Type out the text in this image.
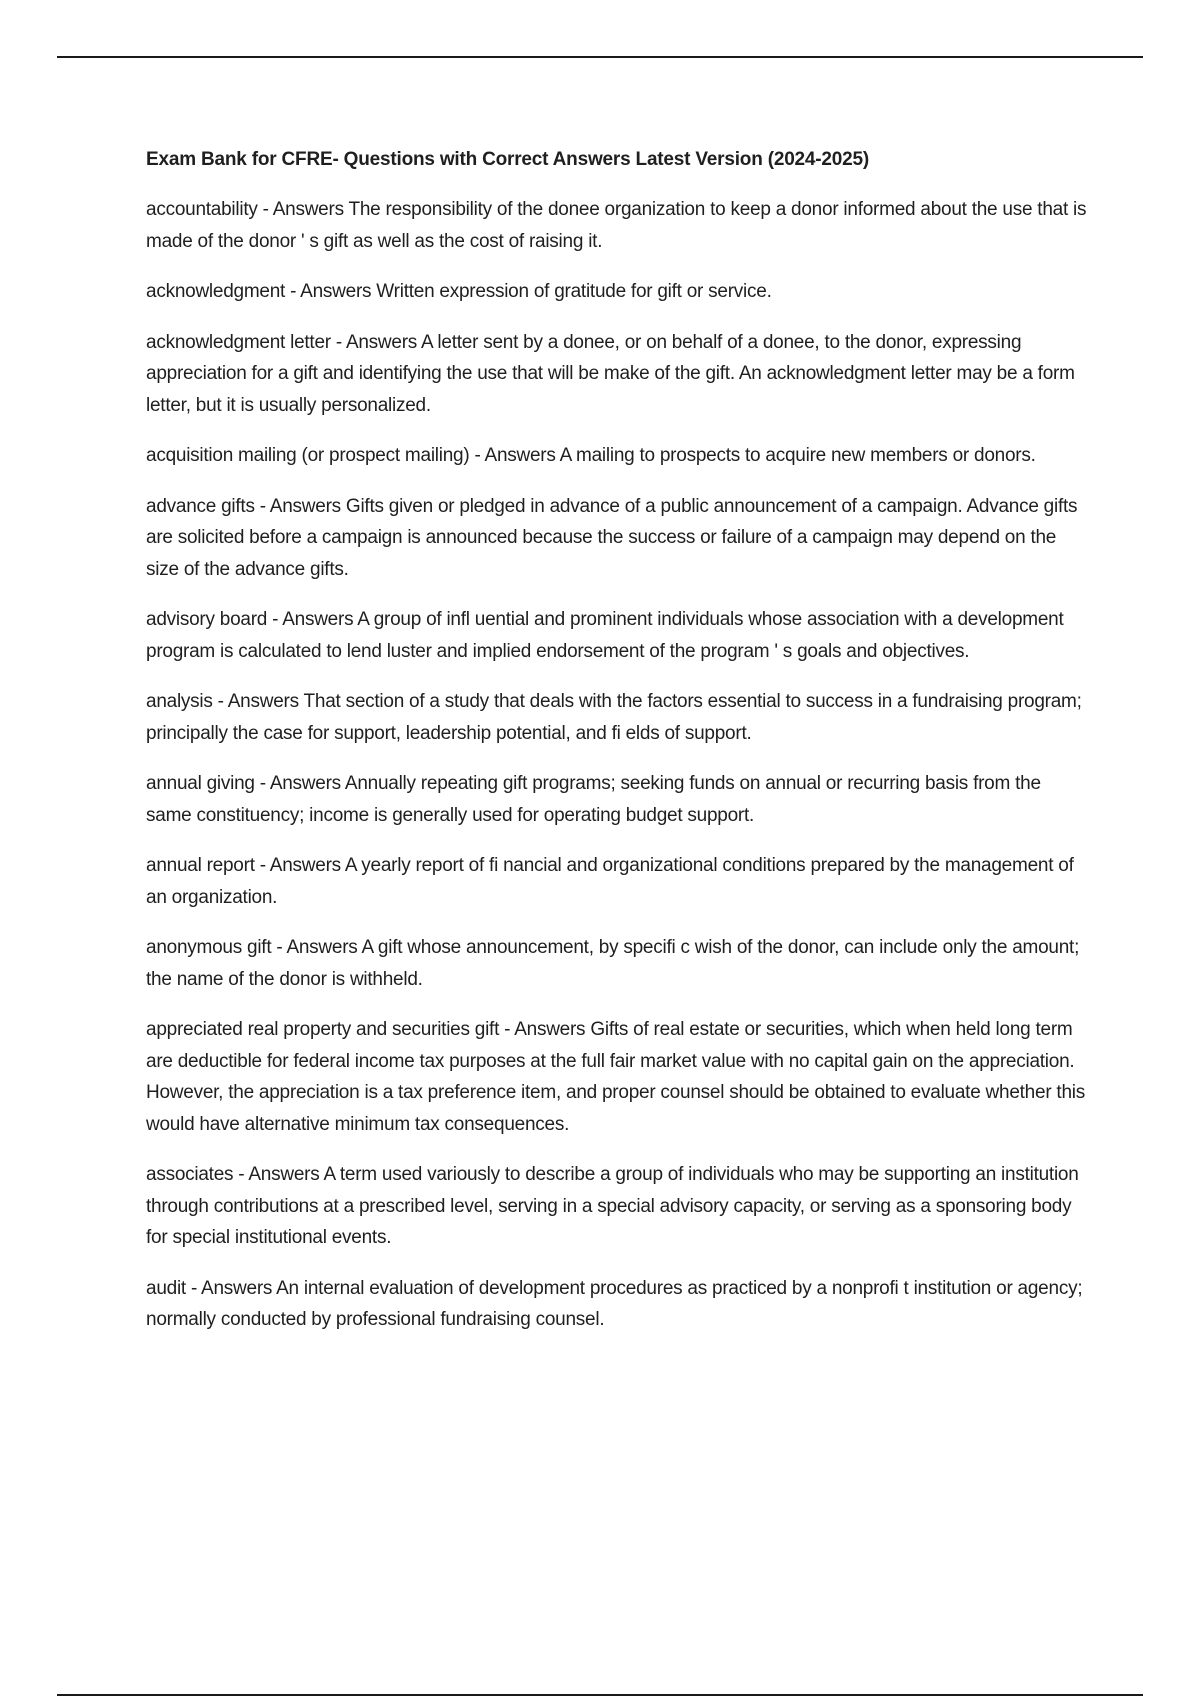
Exam Bank for CFRE- Questions with Correct Answers Latest Version (2024-2025)

accountability - Answers The responsibility of the donee organization to keep a donor informed about the use that is made of the donor ' s gift as well as the cost of raising it.

acknowledgment - Answers Written expression of gratitude for gift or service.

acknowledgment letter - Answers A letter sent by a donee, or on behalf of a donee, to the donor, expressing appreciation for a gift and identifying the use that will be make of the gift. An acknowledgment letter may be a form letter, but it is usually personalized.

acquisition mailing (or prospect mailing) - Answers A mailing to prospects to acquire new members or donors.

advance gifts - Answers Gifts given or pledged in advance of a public announcement of a campaign. Advance gifts are solicited before a campaign is announced because the success or failure of a campaign may depend on the size of the advance gifts.

advisory board - Answers A group of infl uential and prominent individuals whose association with a development program is calculated to lend luster and implied endorsement of the program ' s goals and objectives.

analysis - Answers That section of a study that deals with the factors essential to success in a fundraising program; principally the case for support, leadership potential, and fi elds of support.

annual giving - Answers Annually repeating gift programs; seeking funds on annual or recurring basis from the same constituency; income is generally used for operating budget support.

annual report - Answers A yearly report of fi nancial and organizational conditions prepared by the management of an organization.

anonymous gift - Answers A gift whose announcement, by specifi c wish of the donor, can include only the amount; the name of the donor is withheld.

appreciated real property and securities gift - Answers Gifts of real estate or securities, which when held long term are deductible for federal income tax purposes at the full fair market value with no capital gain on the appreciation. However, the appreciation is a tax preference item, and proper counsel should be obtained to evaluate whether this would have alternative minimum tax consequences.

associates - Answers A term used variously to describe a group of individuals who may be supporting an institution through contributions at a prescribed level, serving in a special advisory capacity, or serving as a sponsoring body for special institutional events.

audit - Answers An internal evaluation of development procedures as practiced by a nonprofi t institution or agency; normally conducted by professional fundraising counsel.
